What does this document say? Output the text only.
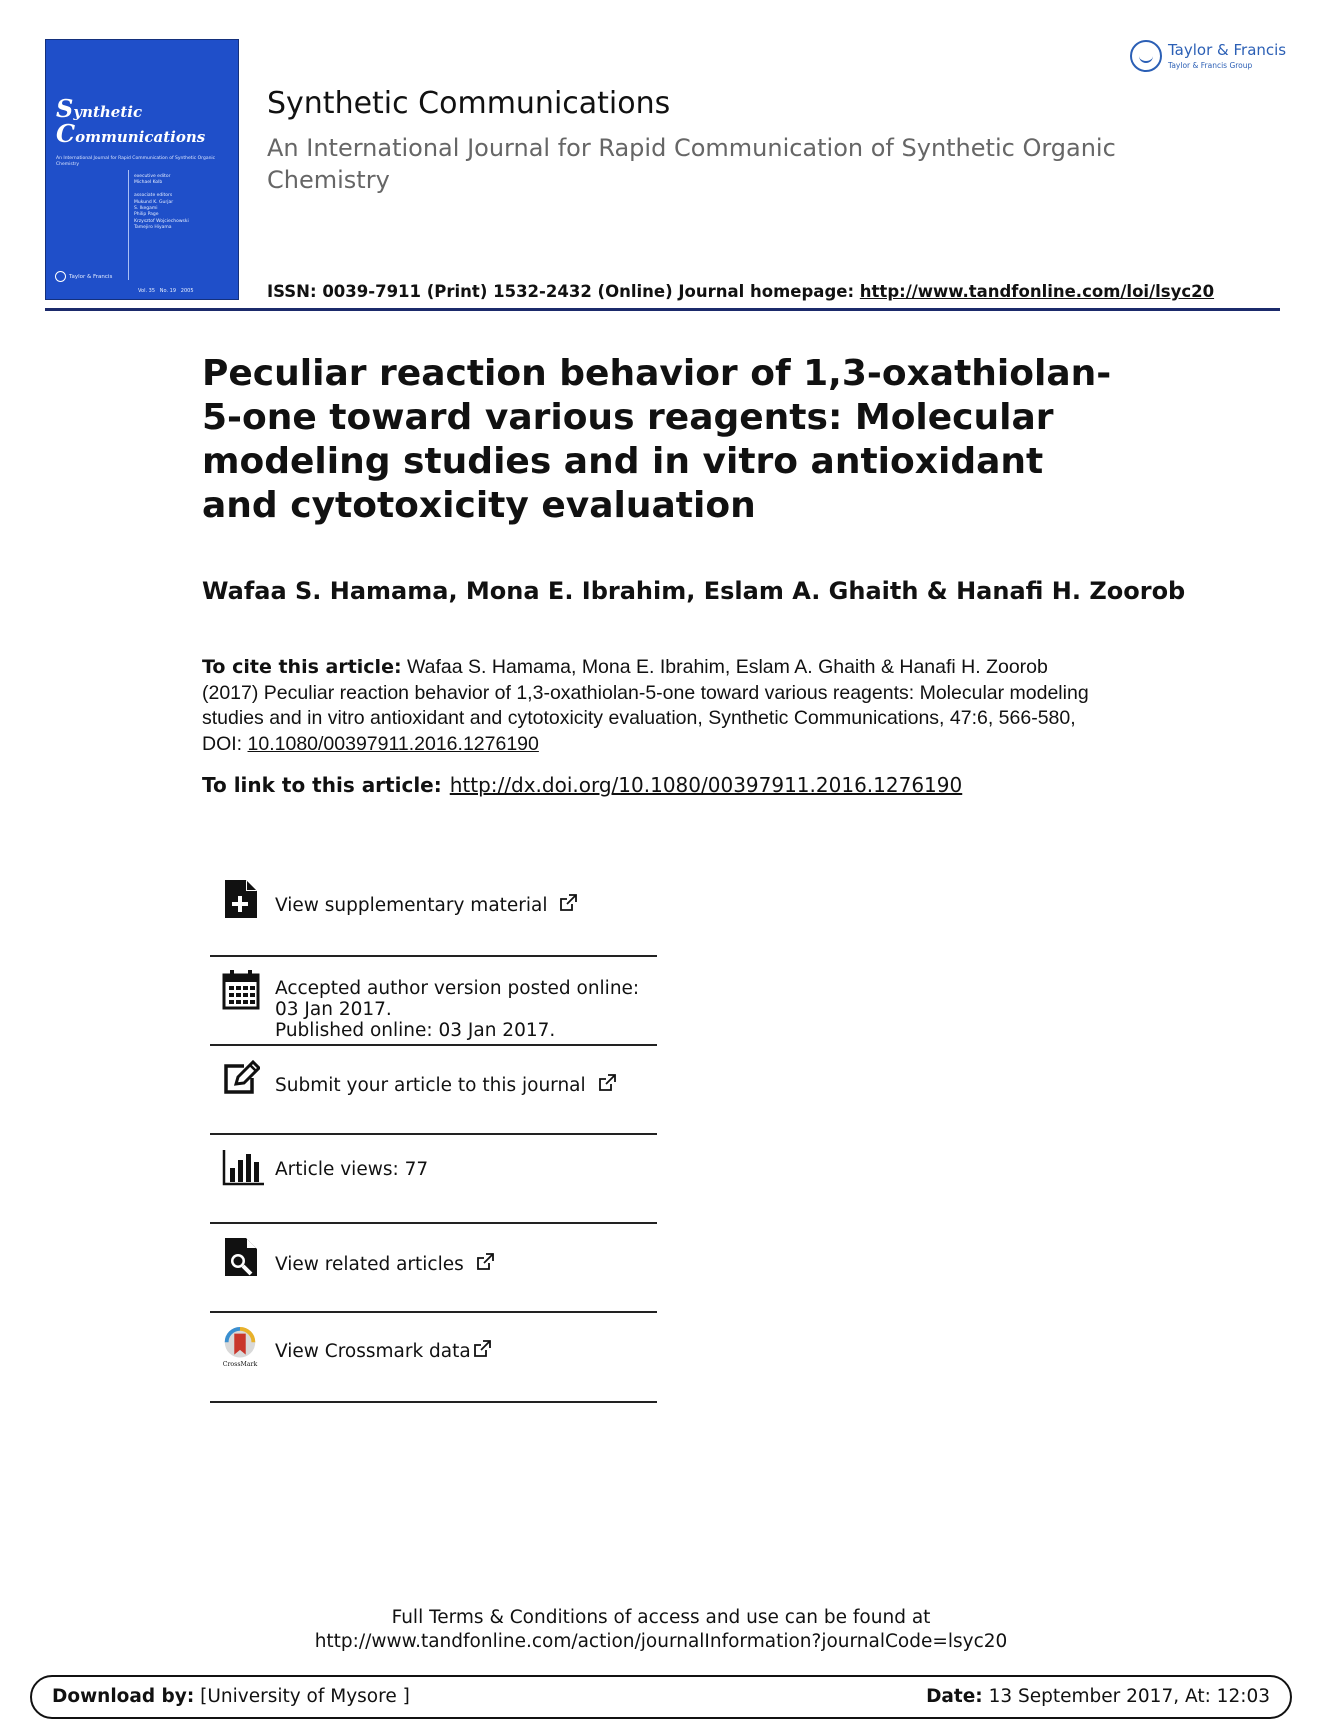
Synthetic
Communications
An International Journal for Rapid Communication of Synthetic Organic Chemistry
executive editor
Michael Kolb

associate editors
Mukund K. Gurjar
S. Ikegami
Philip Page
Krzysztof Wojciechowski
Tamejiro Hiyama
Taylor & Francis
Vol. 35   No. 19   2005
Taylor & Francis
Taylor & Francis Group
Synthetic Communications
An International Journal for Rapid Communication of Synthetic Organic Chemistry
ISSN: 0039-7911 (Print) 1532-2432 (Online) Journal homepage: http://www.tandfonline.com/loi/lsyc20
Peculiar reaction behavior of 1,3-oxathiolan-5-one toward various reagents: Molecular modeling studies and in vitro antioxidant and cytotoxicity evaluation
Wafaa S. Hamama, Mona E. Ibrahim, Eslam A. Ghaith & Hanafi H. Zoorob
To cite this article: Wafaa S. Hamama, Mona E. Ibrahim, Eslam A. Ghaith & Hanafi H. Zoorob (2017) Peculiar reaction behavior of 1,3-oxathiolan-5-one toward various reagents: Molecular modeling studies and in vitro antioxidant and cytotoxicity evaluation, Synthetic Communications, 47:6, 566-580, DOI: 10.1080/00397911.2016.1276190
To link to this article: http://dx.doi.org/10.1080/00397911.2016.1276190
View supplementary material
Accepted author version posted online: 03 Jan 2017.
Published online: 03 Jan 2017.
Submit your article to this journal
Article views: 77
View related articles
CrossMark
View Crossmark data
Full Terms & Conditions of access and use can be found at
http://www.tandfonline.com/action/journalInformation?journalCode=lsyc20
Download by: [University of Mysore ]	Date: 13 September 2017, At: 12:03
